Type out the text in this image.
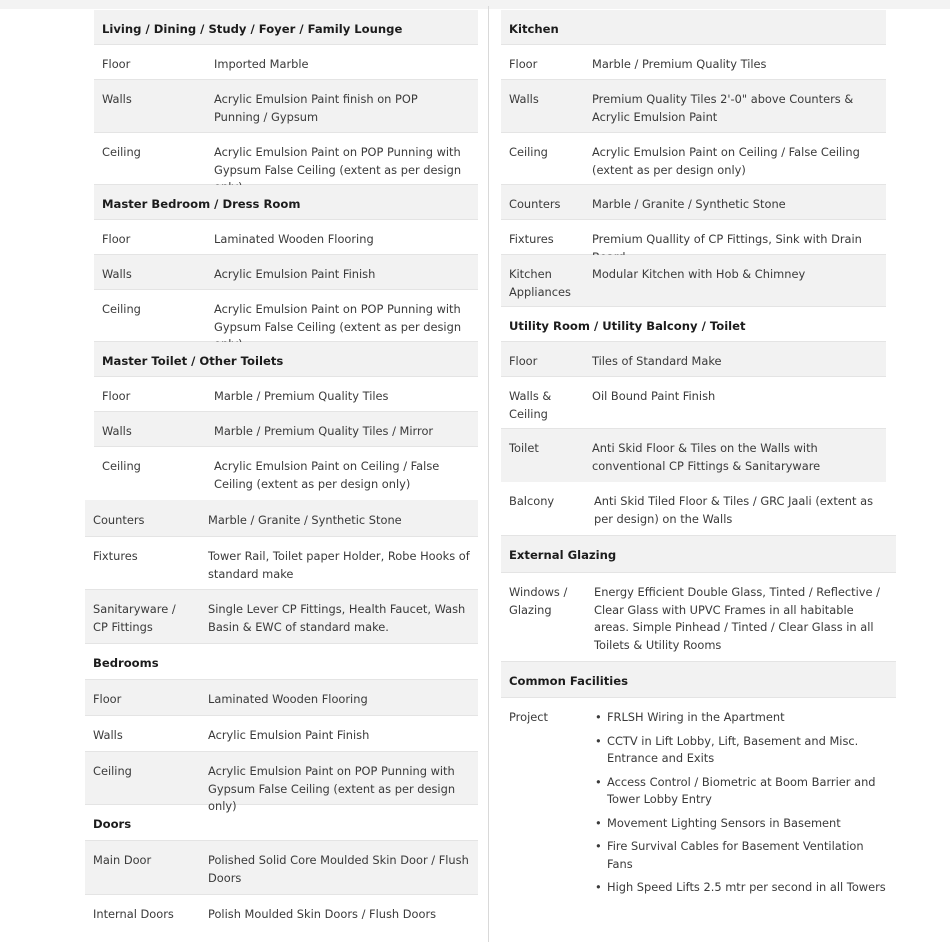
Living / Dining / Study / Foyer / Family Lounge
Floor	Imported Marble
Walls	Acrylic Emulsion Paint finish on POP Punning / Gypsum
Ceiling	Acrylic Emulsion Paint on POP Punning with Gypsum False Ceiling (extent as per design
Master Bedroom / Dress Room
Floor	Laminated Wooden Flooring
Walls	Acrylic Emulsion Paint Finish
Ceiling	Acrylic Emulsion Paint on POP Punning with Gypsum False Ceiling (extent as per design
Master Toilet / Other Toilets
Floor	Marble / Premium Quality Tiles
Walls	Marble / Premium Quality Tiles / Mirror
Ceiling	Acrylic Emulsion Paint on Ceiling / False Ceiling (extent as per design only)
Counters	Marble / Granite / Synthetic Stone
Fixtures	Tower Rail, Toilet paper Holder, Robe Hooks of standard make
Sanitaryware / CP Fittings
Single Lever CP Fittings, Health Faucet, Wash Basin & EWC of standard make.
Bedrooms
Floor	Laminated Wooden Flooring
Walls	Acrylic Emulsion Paint Finish
Ceiling	Acrylic Emulsion Paint on POP Punning with Gypsum False Ceiling (extent as per design only)
Doors
Main Door	Polished Solid Core Moulded Skin Door / Flush Doors
Internal Doors	Polish Moulded Skin Doors / Flush Doors
Kitchen
Floor	Marble / Premium Quality Tiles
Walls	Premium Quality Tiles 2'-0" above Counters & Acrylic Emulsion Paint
Ceiling	Acrylic Emulsion Paint on Ceiling / False Ceiling (extent as per design only)
Counters	Marble / Granite / Synthetic Stone
Fixtures	Premium Quallity of CP Fittings, Sink with Drain
Kitchen Appliances
Modular Kitchen with Hob & Chimney
Utility Room / Utility Balcony / Toilet
Floor	Tiles of Standard Make
Walls & Ceiling
Oil Bound Paint Finish
Toilet	Anti Skid Floor & Tiles on the Walls with conventional CP Fittings & Sanitaryware
Balcony	Anti Skid Tiled Floor & Tiles / GRC Jaali (extent as per design) on the Walls
External Glazing
Windows / Glazing
Energy Efficient Double Glass, Tinted / Reflective / Clear Glass with UPVC Frames in all habitable areas. Simple Pinhead / Tinted / Clear Glass in all Toilets & Utility Rooms
Common Facilities
Project
•	FRLSH Wiring in the Apartment
• CCTV in Lift Lobby, Lift, Basement and Misc. Entrance and Exits
• Access Control / Biometric at Boom Barrier and Tower Lobby Entry
• Movement Lighting Sensors in Basement
• Fire Survival Cables for Basement Ventilation Fans
• High Speed Lifts 2.5 mtr per second in all Towers
